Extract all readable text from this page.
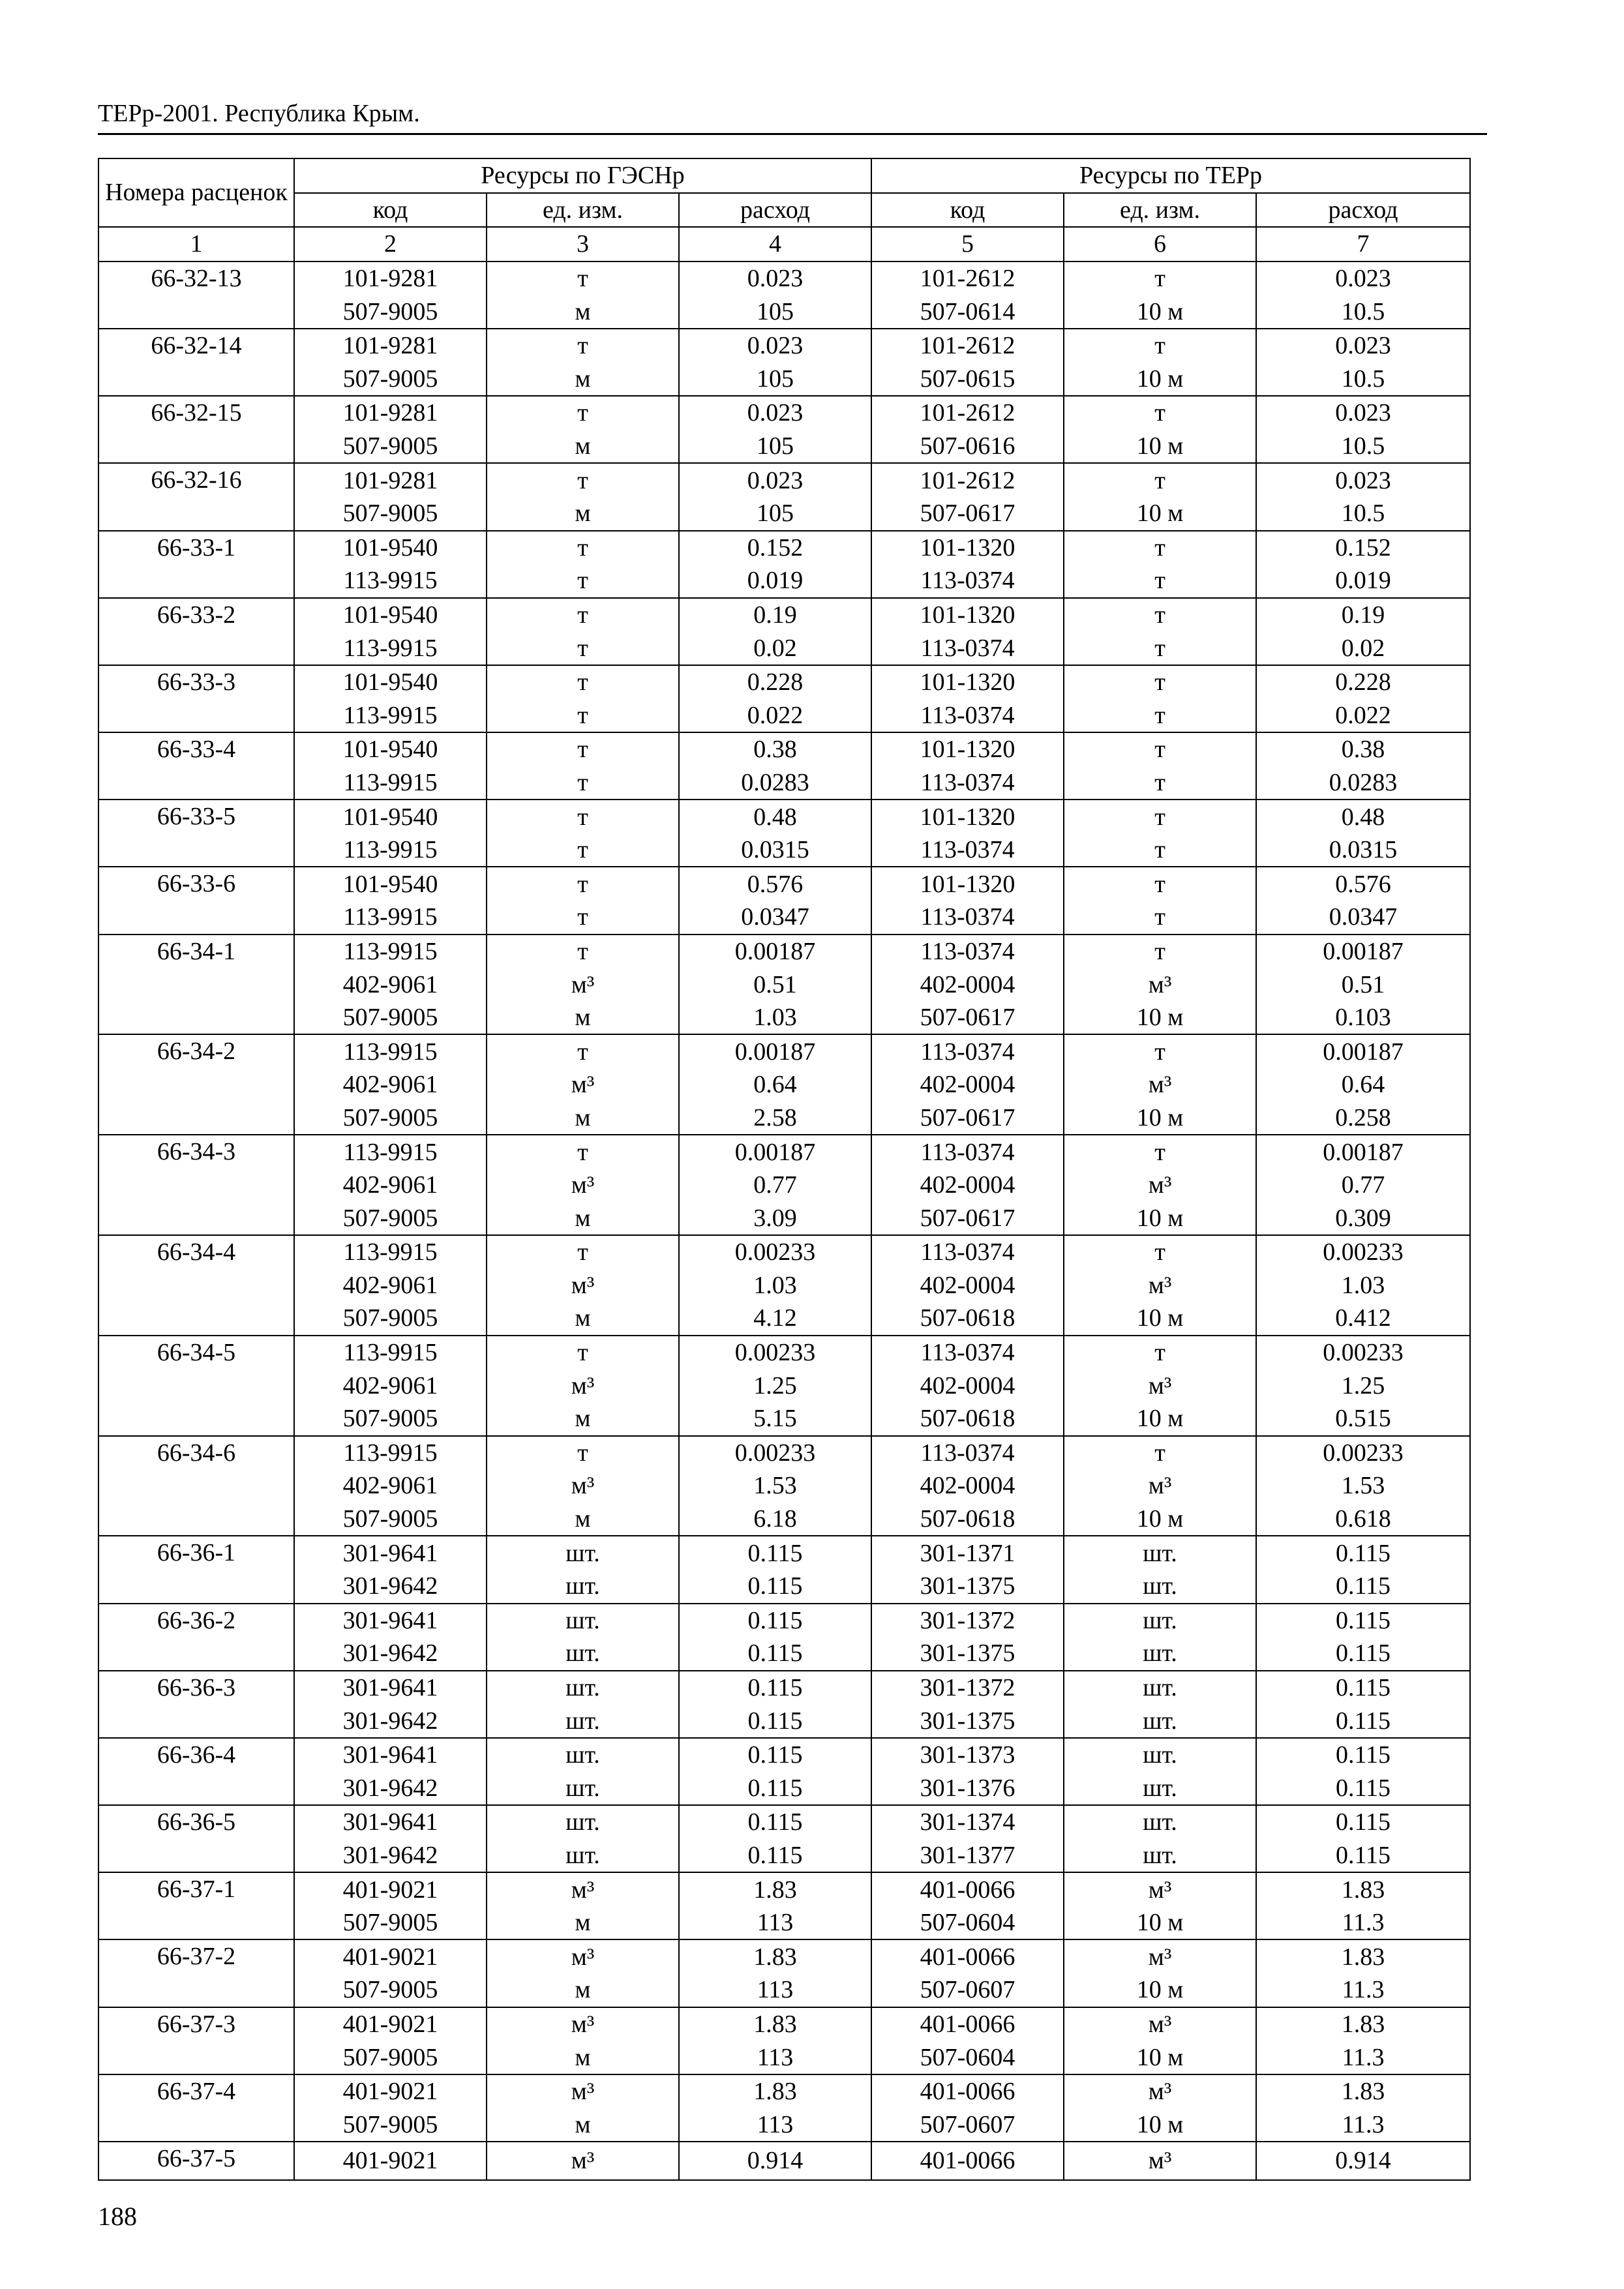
ТЕРр-2001. Республика Крым.
Номера расценок	Ресурсы по ГЭСНр			Ресурсы по ТЕРр		
	код	ед. изм.	расход	код	ед. изм.	расход
1	2	3	4	5	6	7
66-32-13	101-9281	т	0.023	101-2612	т	0.023
	507-9005	м	105	507-0614	10 м	10.5
66-32-14	101-9281	т	0.023	101-2612	т	0.023
	507-9005	м	105	507-0615	10 м	10.5
66-32-15	101-9281	т	0.023	101-2612	т	0.023
	507-9005	м	105	507-0616	10 м	10.5
66-32-16	101-9281	т	0.023	101-2612	т	0.023
	507-9005	м	105	507-0617	10 м	10.5
66-33-1	101-9540	т	0.152	101-1320	т	0.152
	113-9915	т	0.019	113-0374	т	0.019
66-33-2	101-9540	т	0.19	101-1320	т	0.19
	113-9915	т	0.02	113-0374	т	0.02
66-33-3	101-9540	т	0.228	101-1320	т	0.228
	113-9915	т	0.022	113-0374	т	0.022
66-33-4	101-9540	т	0.38	101-1320	т	0.38
	113-9915	т	0.0283	113-0374	т	0.0283
66-33-5	101-9540	т	0.48	101-1320	т	0.48
	113-9915	т	0.0315	113-0374	т	0.0315
66-33-6	101-9540	т	0.576	101-1320	т	0.576
	113-9915	т	0.0347	113-0374	т	0.0347
66-34-1	113-9915	т	0.00187	113-0374	т	0.00187
	402-9061	м³	0.51	402-0004	м³	0.51
	507-9005	м	1.03	507-0617	10 м	0.103
66-34-2	113-9915	т	0.00187	113-0374	т	0.00187
	402-9061	м³	0.64	402-0004	м³	0.64
	507-9005	м	2.58	507-0617	10 м	0.258
66-34-3	113-9915	т	0.00187	113-0374	т	0.00187
	402-9061	м³	0.77	402-0004	м³	0.77
	507-9005	м	3.09	507-0617	10 м	0.309
66-34-4	113-9915	т	0.00233	113-0374	т	0.00233
	402-9061	м³	1.03	402-0004	м³	1.03
	507-9005	м	4.12	507-0618	10 м	0.412
66-34-5	113-9915	т	0.00233	113-0374	т	0.00233
	402-9061	м³	1.25	402-0004	м³	1.25
	507-9005	м	5.15	507-0618	10 м	0.515
66-34-6	113-9915	т	0.00233	113-0374	т	0.00233
	402-9061	м³	1.53	402-0004	м³	1.53
	507-9005	м	6.18	507-0618	10 м	0.618
66-36-1	301-9641	шт.	0.115	301-1371	шт.	0.115
	301-9642	шт.	0.115	301-1375	шт.	0.115
66-36-2	301-9641	шт.	0.115	301-1372	шт.	0.115
	301-9642	шт.	0.115	301-1375	шт.	0.115
66-36-3	301-9641	шт.	0.115	301-1372	шт.	0.115
	301-9642	шт.	0.115	301-1375	шт.	0.115
66-36-4	301-9641	шт.	0.115	301-1373	шт.	0.115
	301-9642	шт.	0.115	301-1376	шт.	0.115
66-36-5	301-9641	шт.	0.115	301-1374	шт.	0.115
	301-9642	шт.	0.115	301-1377	шт.	0.115
66-37-1	401-9021	м³	1.83	401-0066	м³	1.83
	507-9005	м	113	507-0604	10 м	11.3
66-37-2	401-9021	м³	1.83	401-0066	м³	1.83
	507-9005	м	113	507-0607	10 м	11.3
66-37-3	401-9021	м³	1.83	401-0066	м³	1.83
	507-9005	м	113	507-0604	10 м	11.3
66-37-4	401-9021	м³	1.83	401-0066	м³	1.83
	507-9005	м	113	507-0607	10 м	11.3
66-37-5	401-9021	м³	0.914	401-0066	м³	0.914
188
